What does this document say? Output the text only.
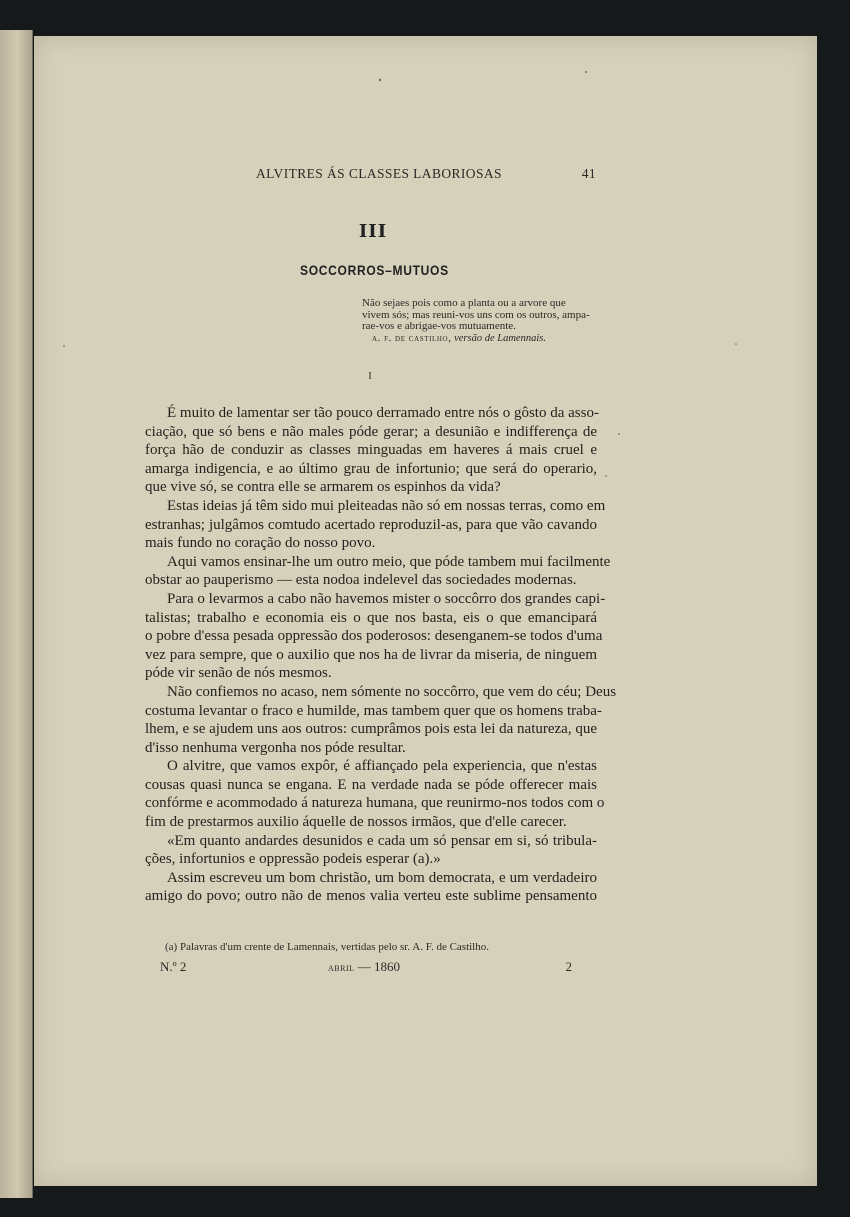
ALVITRES ÁS CLASSES LABORIOSAS	41
III
SOCCORROS–MUTUOS
Não sejaes pois como a planta ou a arvore que
vivem sós; mas reuni-vos uns com os outros, ampa-
rae-vos e abrigae-vos mutuamente.
a. f. de castilho, versão de Lamennais.
I
É muito de lamentar ser tão pouco derramado entre nós o gôsto da asso-
ciação, que só bens e não males póde gerar; a desunião e indifferença de
força hão de conduzir as classes minguadas em haveres á mais cruel e
amarga indigencia, e ao último grau de infortunio; que será do operario,
que vive só, se contra elle se armarem os espinhos da vida?
Estas ideias já têm sido mui pleiteadas não só em nossas terras, como em
estranhas; julgâmos comtudo acertado reproduzil-as, para que vão cavando
mais fundo no coração do nosso povo.
Aqui vamos ensinar-lhe um outro meio, que póde tambem mui facilmente
obstar ao pauperismo — esta nodoa indelevel das sociedades modernas.
Para o levarmos a cabo não havemos mister o soccôrro dos grandes capi-
talistas; trabalho e economia eis o que nos basta, eis o que emancipará
o pobre d'essa pesada oppressão dos poderosos: desenganem-se todos d'uma
vez para sempre, que o auxilio que nos ha de livrar da miseria, de ninguem
póde vir senão de nós mesmos.
Não confiemos no acaso, nem sómente no soccôrro, que vem do céu; Deus
costuma levantar o fraco e humilde, mas tambem quer que os homens traba-
lhem, e se ajudem uns aos outros: cumprâmos pois esta lei da natureza, que
d'isso nenhuma vergonha nos póde resultar.
O alvitre, que vamos expôr, é affiançado pela experiencia, que n'estas
cousas quasi nunca se engana. E na verdade nada se póde offerecer mais
confórme e acommodado á natureza humana, que reunirmo-nos todos com o
fim de prestarmos auxilio áquelle de nossos irmãos, que d'elle carecer.
«Em quanto andardes desunidos e cada um só pensar em si, só tribula-
ções, infortunios e oppressão podeis esperar (a).»
Assim escreveu um bom christão, um bom democrata, e um verdadeiro
amigo do povo; outro não de menos valia verteu este sublime pensamento
(a) Palavras d'um crente de Lamennais, vertidas pelo sr. A. F. de Castilho.
N.º 2	abril — 1860	2
